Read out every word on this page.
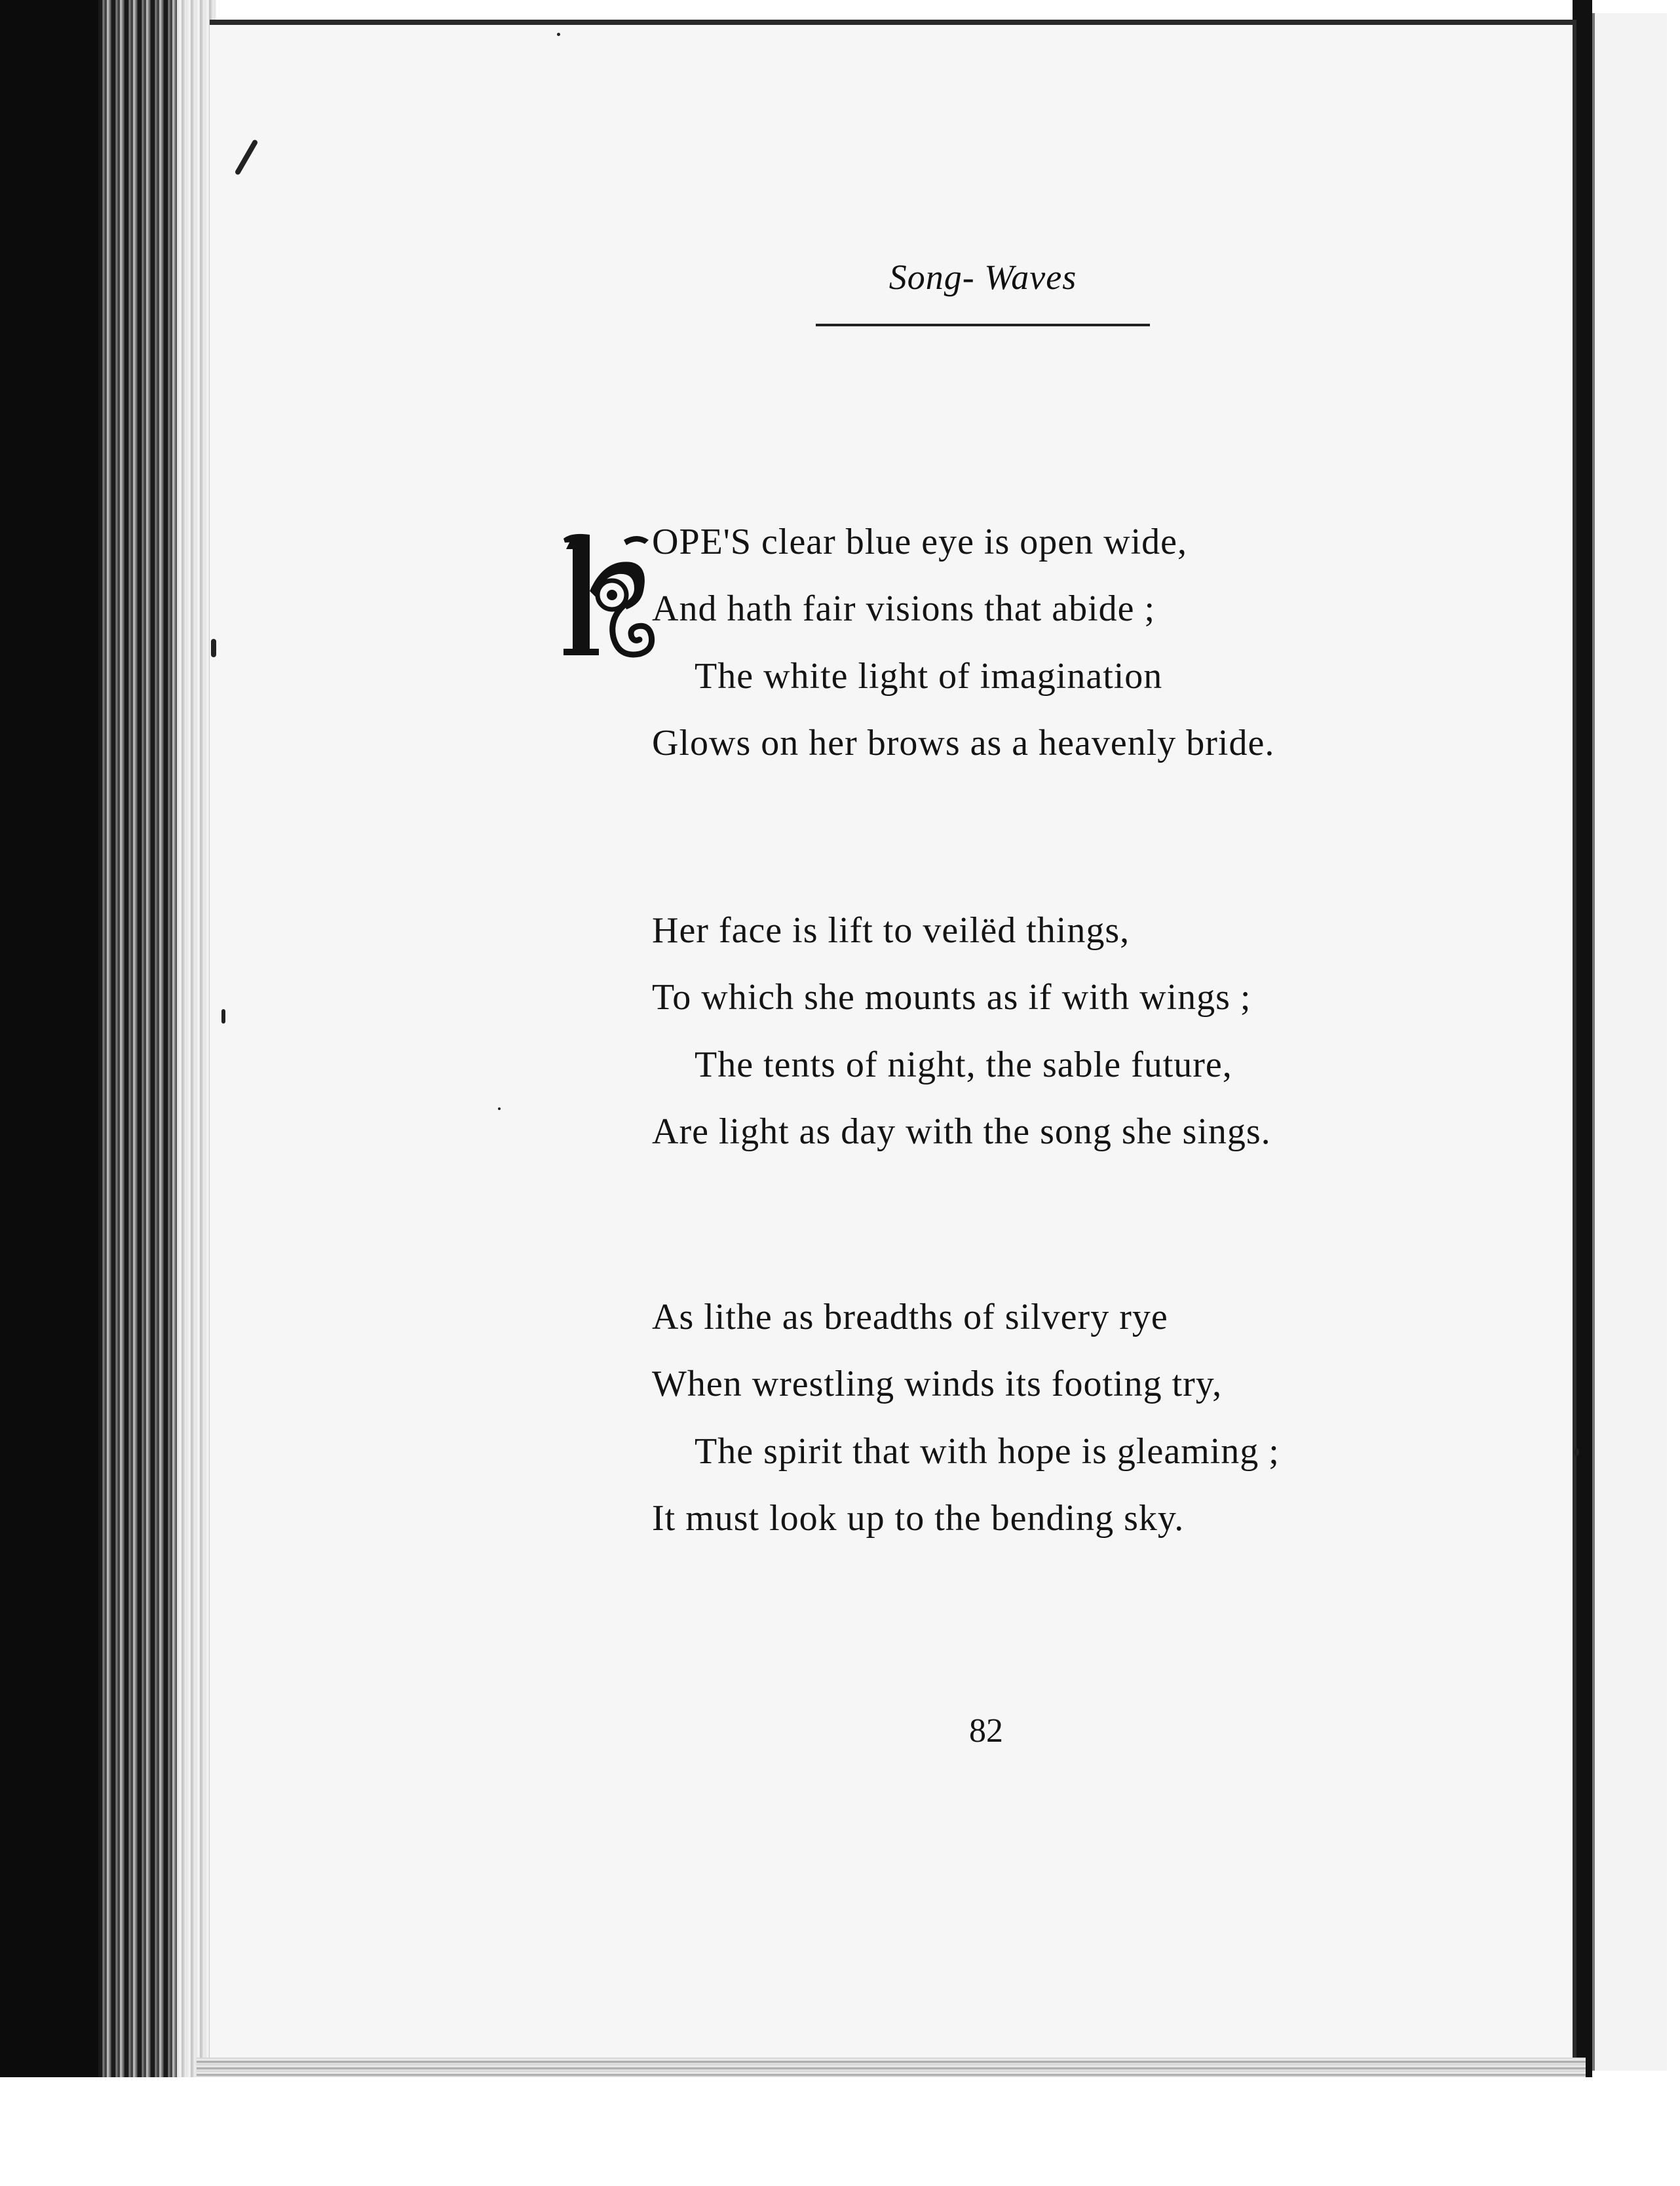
Song- Waves
OPE'S clear blue eye is open wide,
And hath fair visions that abide ;
The white light of imagination
Glows on her brows as a heavenly bride.
Her face is lift to veilëd things,
To which she mounts as if with wings ;
The tents of night, the sable future,
Are light as day with the song she sings.
As lithe as breadths of silvery rye
When wrestling winds its footing try,
The spirit that with hope is gleaming ;
It must look up to the bending sky.
82
